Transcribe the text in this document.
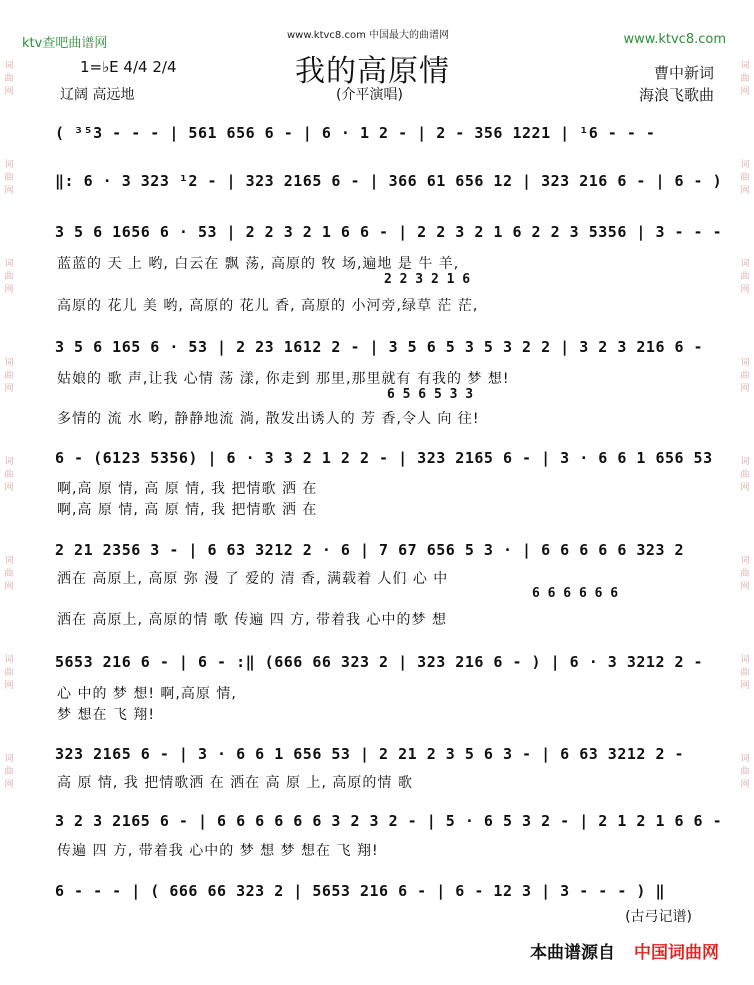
ktv查吧曲谱网
www.ktvc8.com 中国最大的曲谱网	www.ktvc8.com
我的高原情
(介平演唱)
1=♭E 4/4 2/4
辽阔 高远地
曹中新词
海浪飞歌曲
词
曲
网
词
曲
网
词
曲
网
词
曲
网
词
曲
网
词
曲
网
词
曲
网
词
曲
网
词
曲
网
词
曲
网
词
曲
网
词
曲
网
词
曲
网
词
曲
网
词
曲
网
词
曲
网
( ³⁵3 - - - | 561 656 6 - | 6 · 1 2 - | 2 - 356 1221 | ¹6 - - -
‖: 6 · 3 323 ¹2 - | 323 2165 6 - | 366 61 656 12 | 323 216 6 - | 6 - )
3 5 6 1656 6 · 53 | 2 2 3 2 1 6 6 - | 2 2 3 2 1 6 2 2 3 5356 | 3 - - -
蓝蓝的 天 上 哟, 白云在 飘 荡, 高原的 牧 场,遍地 是 牛 羊,
2 2 3 2 1 6
高原的 花儿 美 哟, 高原的 花儿 香, 高原的 小河旁,绿草 茫 茫,
3 5 6 165 6 · 53 | 2 23 1612 2 - | 3 5 6 5 3 5 3 2 2 | 3 2 3 216 6 -
姑娘的 歌 声,让我 心情 荡 漾, 你走到 那里,那里就有 有我的 梦 想!
6 5 6 5 3 3
多情的 流 水 哟, 静静地流 淌, 散发出诱人的 芳 香,令人 向 往!
6 - (6123 5356) | 6 · 3 3 2 1 2 2 - | 323 2165 6 - | 3 · 6 6 1 656 53
啊,高 原 情, 高 原 情, 我 把情歌 洒 在
啊,高 原 情, 高 原 情, 我 把情歌 洒 在
2 21 2356 3 - | 6 63 3212 2 · 6 | 7 67 656 5 3 · | 6 6 6 6 6 323 2
洒在 高原上, 高原 弥 漫 了 爱的 清 香, 满载着 人们 心 中
6 6 6 6 6 6
洒在 高原上, 高原的情 歌 传遍 四 方, 带着我 心中的梦 想
5653 216 6 - | 6 - :‖ (666 66 323 2 | 323 216 6 - ) | 6 · 3 3212 2 -
心 中的 梦 想! 啊,高原 情,
梦 想在 飞 翔!
323 2165 6 - | 3 · 6 6 1 656 53 | 2 21 2 3 5 6 3 - | 6 63 3212 2 -
高 原 情, 我 把情歌洒 在 洒在 高 原 上, 高原的情 歌
3 2 3 2165 6 - | 6 6 6 6 6 6 3 2 3 2 - | 5 · 6 5 3 2 - | 2 1 2 1 6 6 -
传遍 四 方, 带着我 心中的 梦 想 梦 想在 飞 翔!
6 - - - | ( 666 66 323 2 | 5653 216 6 - | 6 - 12 3 | 3 - - - ) ‖
(古弓记谱)
本曲谱源自 中国词曲网
